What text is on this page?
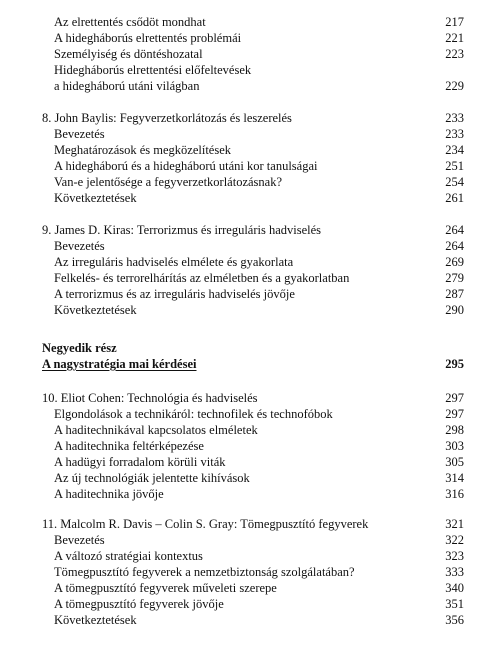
Az elrettentés csődöt mondhat	217
A hidegháborús elrettentés problémái	221
Személyiség és döntéshozatal	223
Hidegháborús elrettentési előfeltevések
a hidegháború utáni világban	229
8. John Baylis: Fegyverzetkorlátozás és leszerelés	233
Bevezetés	233
Meghatározások és megközelítések	234
A hidegháború és a hidegháború utáni kor tanulságai	251
Van-e jelentősége a fegyverzetkorlátozásnak?	254
Következtetések	261
9. James D. Kiras: Terrorizmus és irreguláris hadviselés	264
Bevezetés	264
Az irreguláris hadviselés elmélete és gyakorlata	269
Felkelés- és terrorelhárítás az elméletben és a gyakorlatban	279
A terrorizmus és az irreguláris hadviselés jövője	287
Következtetések	290
Negyedik rész
A nagystratégia mai kérdései	295
10. Eliot Cohen: Technológia és hadviselés	297
Elgondolások a technikáról: technofilek és technofóbok	297
A haditechnikával kapcsolatos elméletek	298
A haditechnika feltérképezése	303
A hadügyi forradalom körüli viták	305
Az új technológiák jelentette kihívások	314
A haditechnika jövője	316
11. Malcolm R. Davis – Colin S. Gray: Tömegpusztító fegyverek	321
Bevezetés	322
A változó stratégiai kontextus	323
Tömegpusztító fegyverek a nemzetbiztonság szolgálatában?	333
A tömegpusztító fegyverek műveleti szerepe	340
A tömegpusztító fegyverek jövője	351
Következtetések	356
